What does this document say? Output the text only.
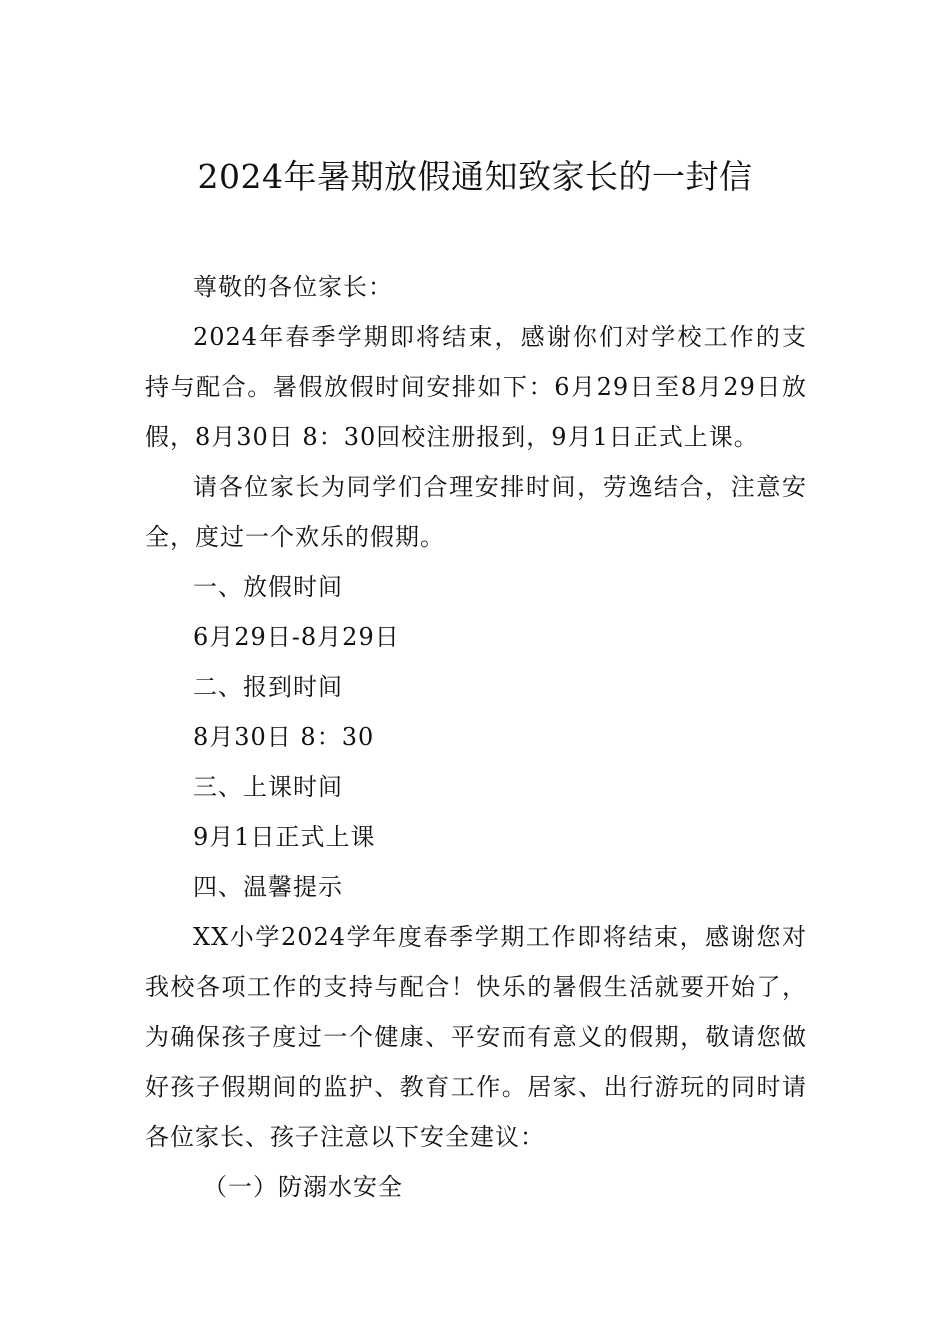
2024年暑期放假通知致家长的一封信

尊敬的各位家长：

2024年春季学期即将结束，感谢你们对学校工作的支持与配合。暑假放假时间安排如下：6月29日至8月29日放假，8月30日 8：30回校注册报到，9月1日正式上课。

请各位家长为同学们合理安排时间，劳逸结合，注意安全，度过一个欢乐的假期。

一、放假时间

6月29日-8月29日

二、报到时间

8月30日 8：30

三、上课时间

9月1日正式上课

四、温馨提示

XX小学2024学年度春季学期工作即将结束，感谢您对我校各项工作的支持与配合！快乐的暑假生活就要开始了，为确保孩子度过一个健康、平安而有意义的假期，敬请您做好孩子假期间的监护、教育工作。居家、出行游玩的同时请各位家长、孩子注意以下安全建议：

（一）防溺水安全
